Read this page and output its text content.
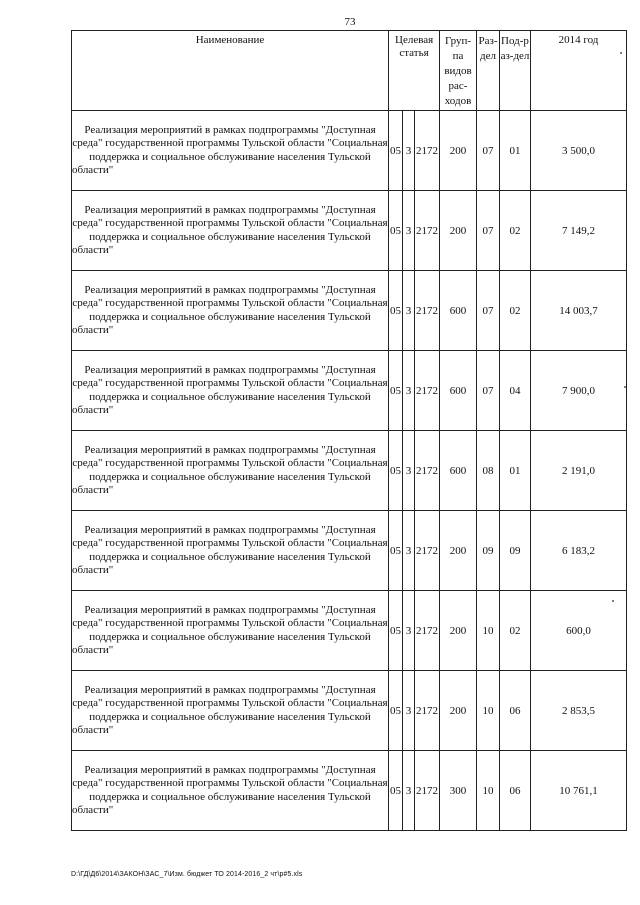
73
Наименование	Целевая статья			Груп-па видов рас-ходов	Раз-дел	Под-раз-дел	2014 год
Реализация мероприятий в рамках подпрограммы "Доступная среда" государственной программы Тульской области "Социальная поддержка и социальное обслуживание населения Тульской области"	05	3	2172	200	07	01	3 500,0
Реализация мероприятий в рамках подпрограммы "Доступная среда" государственной программы Тульской области "Социальная поддержка и социальное обслуживание населения Тульской области"	05	3	2172	200	07	02	7 149,2
Реализация мероприятий в рамках подпрограммы "Доступная среда" государственной программы Тульской области "Социальная поддержка и социальное обслуживание населения Тульской области"	05	3	2172	600	07	02	14 003,7
Реализация мероприятий в рамках подпрограммы "Доступная среда" государственной программы Тульской области "Социальная поддержка и социальное обслуживание населения Тульской области"	05	3	2172	600	07	04	7 900,0
Реализация мероприятий в рамках подпрограммы "Доступная среда" государственной программы Тульской области "Социальная поддержка и социальное обслуживание населения Тульской области"	05	3	2172	600	08	01	2 191,0
Реализация мероприятий в рамках подпрограммы "Доступная среда" государственной программы Тульской области "Социальная поддержка и социальное обслуживание населения Тульской области"	05	3	2172	200	09	09	6 183,2
Реализация мероприятий в рамках подпрограммы "Доступная среда" государственной программы Тульской области "Социальная поддержка и социальное обслуживание населения Тульской области"	05	3	2172	200	10	02	600,0
Реализация мероприятий в рамках подпрограммы "Доступная среда" государственной программы Тульской области "Социальная поддержка и социальное обслуживание населения Тульской области"	05	3	2172	200	10	06	2 853,5
Реализация мероприятий в рамках подпрограммы "Доступная среда" государственной программы Тульской области "Социальная поддержка и социальное обслуживание населения Тульской области"	05	3	2172	300	10	06	10 761,1
D:\ГД\Д6\2014\ЗАКОН\ЗАС_7\Изм. бюджет ТО 2014-2016_2 чт\р#5.xls
